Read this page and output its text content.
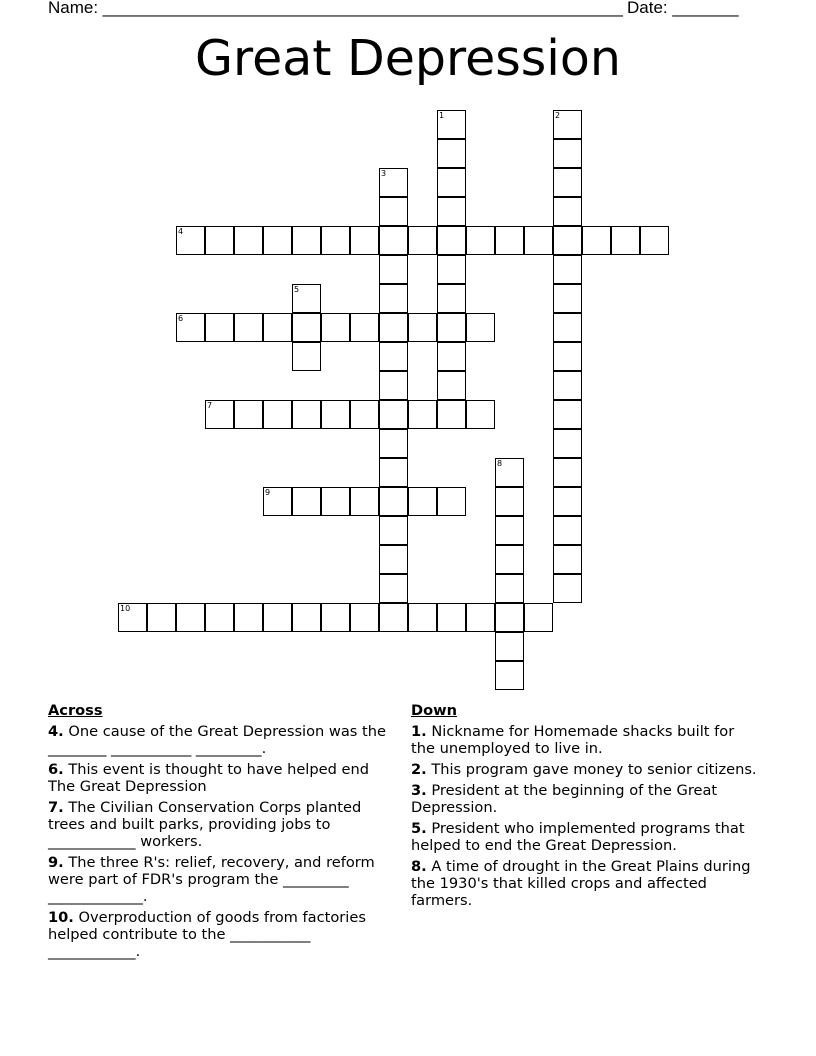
Name: _______________________________________________________ Date: _______
Great Depression
1	2
3
4
5
6
7
8
9
10
Across
4. One cause of the Great Depression was the ________ ___________ _________.
6. This event is thought to have helped end The Great Depression
7. The Civilian Conservation Corps planted trees and built parks, providing jobs to ____________ workers.
9. The three R's: relief, recovery, and reform were part of FDR's program the _________ _____________.
10. Overproduction of goods from factories helped contribute to the ___________ ____________.
Down
1. Nickname for Homemade shacks built for the unemployed to live in.
2. This program gave money to senior citizens.
3. President at the beginning of the Great Depression.
5. President who implemented programs that helped to end the Great Depression.
8. A time of drought in the Great Plains during the 1930's that killed crops and affected farmers.
